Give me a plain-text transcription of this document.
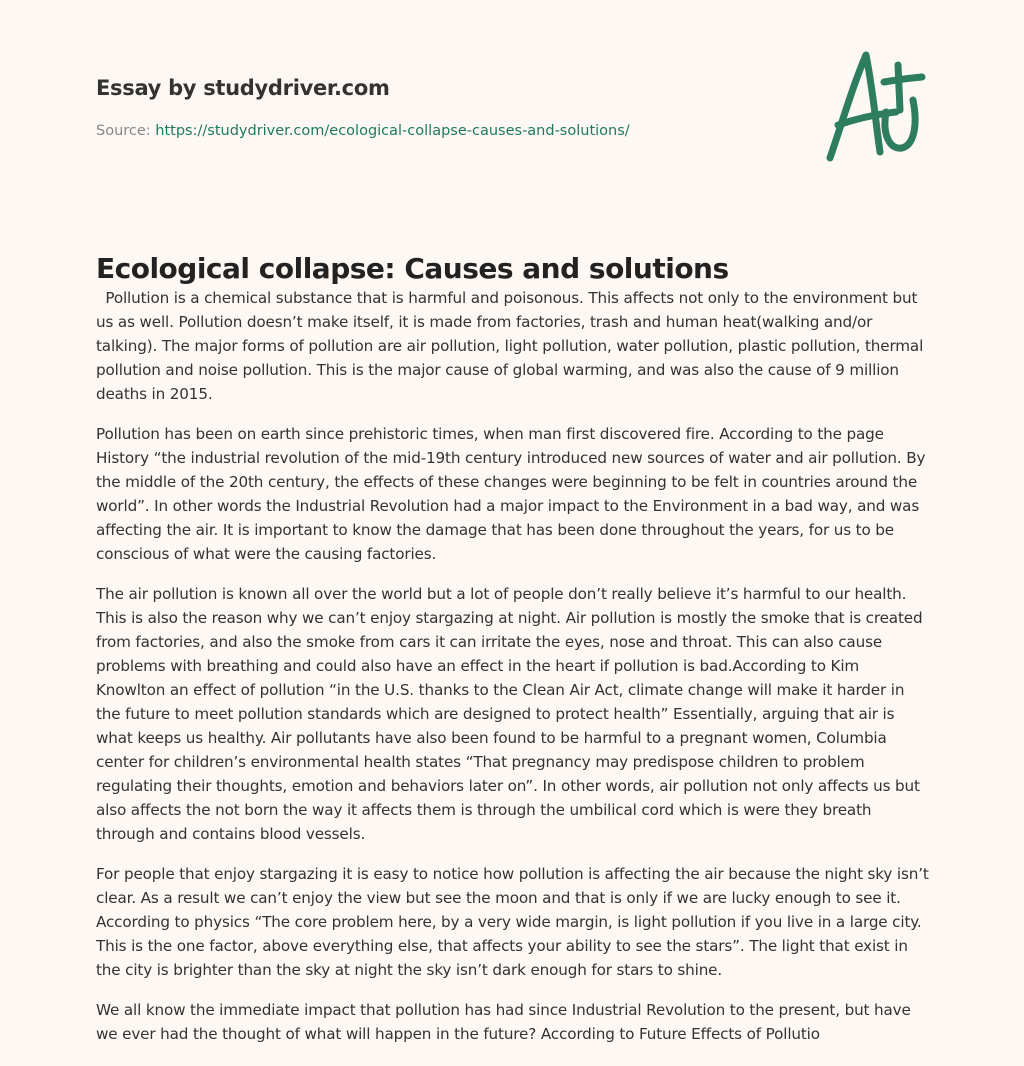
Essay by studydriver.com
Source: https://studydriver.com/ecological-collapse-causes-and-solutions/
Ecological collapse: Causes and solutions

Pollution is a chemical substance that is harmful and poisonous. This affects not only to the environment but us as well. Pollution doesn’t make itself, it is made from factories, trash and human heat(walking and/or talking). The major forms of pollution are air pollution, light pollution, water pollution, plastic pollution, thermal pollution and noise pollution. This is the major cause of global warming, and was also the cause of 9 million deaths in 2015.

Pollution has been on earth since prehistoric times, when man first discovered fire. According to the page History “the industrial revolution of the mid-19th century introduced new sources of water and air pollution. By the middle of the 20th century, the effects of these changes were beginning to be felt in countries around the world”. In other words the Industrial Revolution had a major impact to the Environment in a bad way, and was affecting the air. It is important to know the damage that has been done throughout the years, for us to be conscious of what were the causing factories.

The air pollution is known all over the world but a lot of people don’t really believe it’s harmful to our health. This is also the reason why we can’t enjoy stargazing at night. Air pollution is mostly the smoke that is created from factories, and also the smoke from cars it can irritate the eyes, nose and throat. This can also cause problems with breathing and could also have an effect in the heart if pollution is bad.According to Kim Knowlton an effect of pollution “in the U.S. thanks to the Clean Air Act, climate change will make it harder in the future to meet pollution standards which are designed to protect health” Essentially, arguing that air is what keeps us healthy. Air pollutants have also been found to be harmful to a pregnant women, Columbia center for children’s environmental health states “That pregnancy may predispose children to problem regulating their thoughts, emotion and behaviors later on”. In other words, air pollution not only affects us but also affects the not born the way it affects them is through the umbilical cord which is were they breath through and contains blood vessels.

For people that enjoy stargazing it is easy to notice how pollution is affecting the air because the night sky isn’t clear. As a result we can’t enjoy the view but see the moon and that is only if we are lucky enough to see it. According to physics “The core problem here, by a very wide margin, is light pollution if you live in a large city. This is the one factor, above everything else, that affects your ability to see the stars”. The light that exist in the city is brighter than the sky at night the sky isn’t dark enough for stars to shine.

We all know the immediate impact that pollution has had since Industrial Revolution to the present, but have we ever had the thought of what will happen in the future? According to Future Effects of Pollutio
